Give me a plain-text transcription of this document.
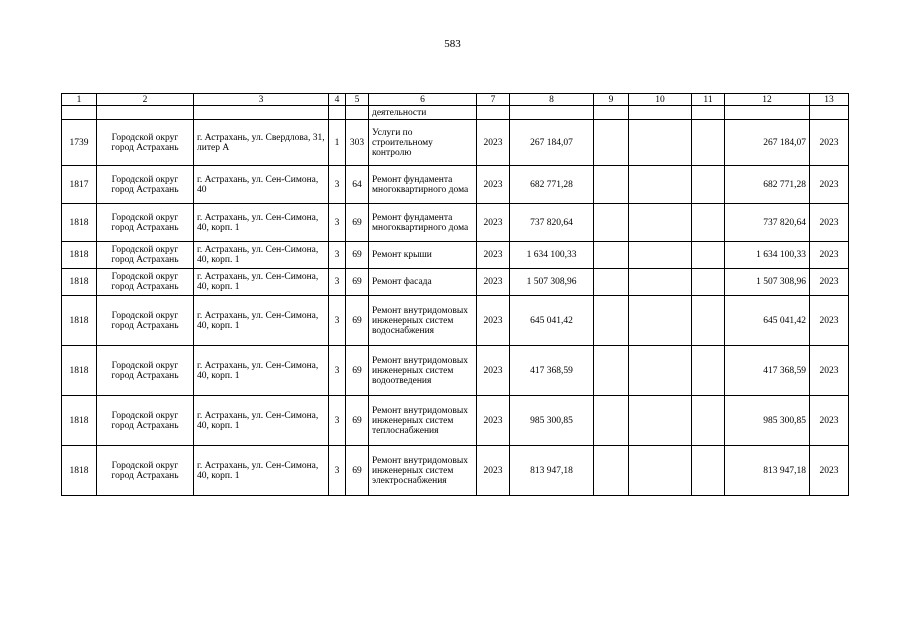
583
1	2	3	4	5	6	7	8	9	10	11	12	13
					деятельности							
1739	Городской округ город Астрахань	г. Астрахань, ул. Свердлова, 31, литер А	1	303	Услуги по строительному контролю	2023	267 184,07				267 184,07	2023
1817	Городской округ город Астрахань	г. Астрахань, ул. Сен-Симона, 40	3	64	Ремонт фундамента многоквартирного дома	2023	682 771,28				682 771,28	2023
1818	Городской округ город Астрахань	г. Астрахань, ул. Сен-Симона, 40, корп. 1	3	69	Ремонт фундамента многоквартирного дома	2023	737 820,64				737 820,64	2023
1818	Городской округ город Астрахань	г. Астрахань, ул. Сен-Симона, 40, корп. 1	3	69	Ремонт крыши	2023	1 634 100,33				1 634 100,33	2023
1818	Городской округ город Астрахань	г. Астрахань, ул. Сен-Симона, 40, корп. 1	3	69	Ремонт фасада	2023	1 507 308,96				1 507 308,96	2023
1818	Городской округ город Астрахань	г. Астрахань, ул. Сен-Симона, 40, корп. 1	3	69	Ремонт внутридомовых инженерных систем водоснабжения	2023	645 041,42				645 041,42	2023
1818	Городской округ город Астрахань	г. Астрахань, ул. Сен-Симона, 40, корп. 1	3	69	Ремонт внутридомовых инженерных систем водоотведения	2023	417 368,59				417 368,59	2023
1818	Городской округ город Астрахань	г. Астрахань, ул. Сен-Симона, 40, корп. 1	3	69	Ремонт внутридомовых инженерных систем теплоснабжения	2023	985 300,85				985 300,85	2023
1818	Городской округ город Астрахань	г. Астрахань, ул. Сен-Симона, 40, корп. 1	3	69	Ремонт внутридомовых инженерных систем электроснабжения	2023	813 947,18				813 947,18	2023
